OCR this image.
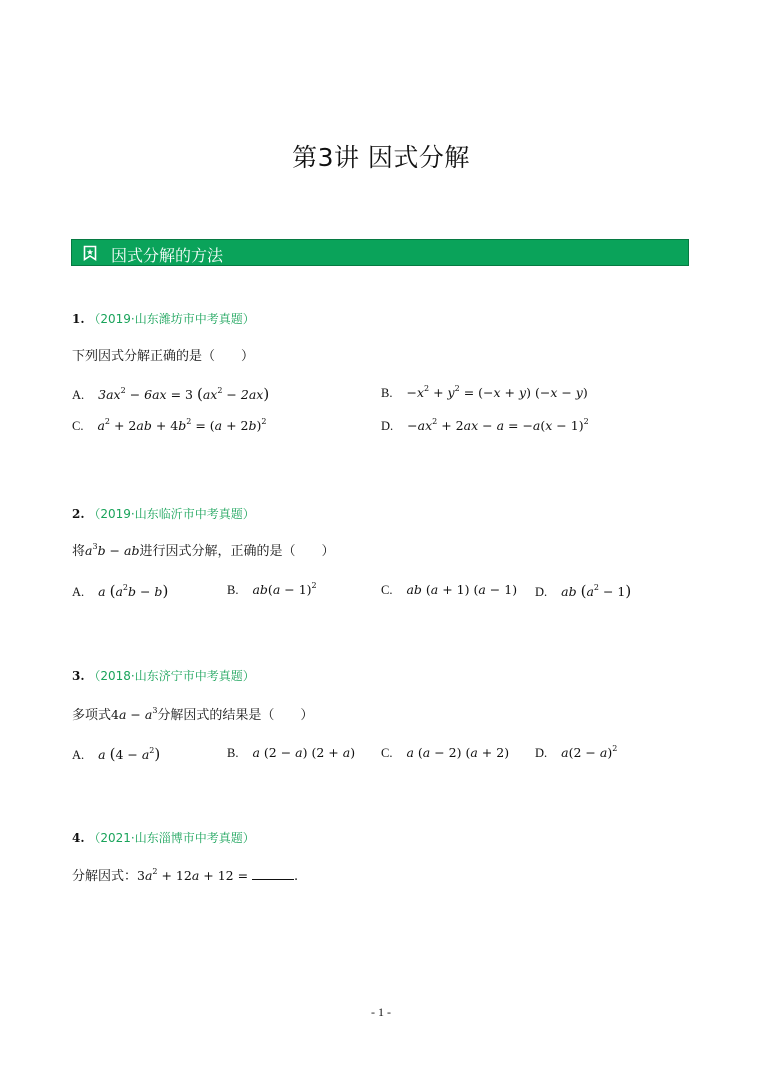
第3讲 因式分解
因式分解的方法
1. （2019·山东潍坊市中考真题）
下列因式分解正确的是（　　）
A. $3ax^2 - 6ax = 3$ $(ax^2 - 2ax)$	B. $-x^2 + y^2 = (-x + y) (-x - y)$
C. $a^2 + 2ab + 4b^2 = (a + 2b)^2$	D. $-ax^2 + 2ax - a = -a(x - 1)^2$
2. （2019·山东临沂市中考真题）
将$a^3b$ − ab进行因式分解，正确的是（　　）
A. a $(a^2b - b)$	B. $ab(a - 1)^2$	C. ab (a + 1) (a − 1) D. ab $(a^2 - 1)$
3. （2018·山东济宁市中考真题）
多项式$4a - a^3$分解因式的结果是（　　）
A. a $(4 - a^2)$	B. a (2 − a) (2 + a) C. a (a − 2) (a + 2) D. $a(2 - a)^2$
4. （2021·山东淄博市中考真题）
分解因式：$3a^2 + 12a + 12$ =	.
- 1 -
